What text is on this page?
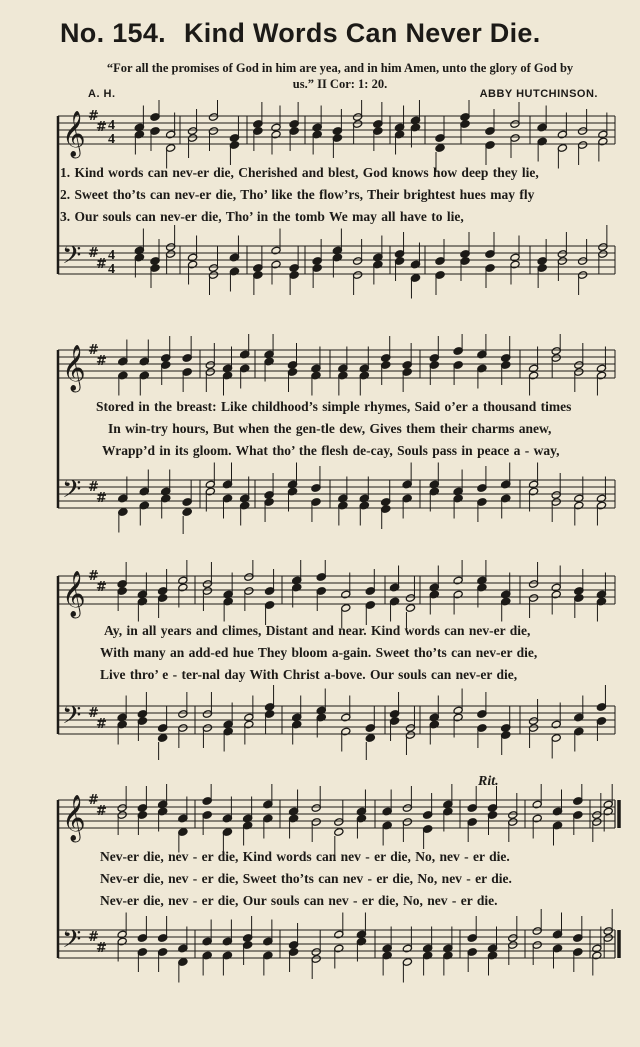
No. 154. Kind Words Can Never Die.
“For all the promises of God in him are yea, and in him Amen, unto the glory of God by us.” II Cor: 1: 20.
A. H.	ABBY HUTCHINSON.
𝄞
𝄢
#
#
#
#
4
4
4
4
1. Kind words can nev-er die, Cherished and blest, God knows how deep they lie,
2. Sweet tho’ts can nev-er die, Tho’ like the flow’rs, Their brightest hues may fly
3. Our souls can nev-er die, Tho’ in the tomb We may all have to lie,
𝄞
𝄢
#
#
#
#
Stored in the breast: Like childhood’s simple rhymes, Said o’er a thousand times
In win-try hours, But when the gen-tle dew, Gives them their charms anew,
Wrapp’d in its gloom. What tho’ the flesh de-cay, Souls pass in peace a - way,
𝄞
𝄢
#
#
#
#
Ay, in all years and climes, Distant and near. Kind words can nev-er die,
With many an add-ed hue They bloom a-gain. Sweet tho’ts can nev-er die,
Live thro’ e - ter-nal day With Christ a-bove. Our souls can nev-er die,
Rit.
𝄞
𝄢
#
#
#
#
Nev-er die, nev - er die, Kind words can nev - er die, No, nev - er die.
Nev-er die, nev - er die, Sweet tho’ts can nev - er die, No, nev - er die.
Nev-er die, nev - er die, Our souls can nev - er die, No, nev - er die.
